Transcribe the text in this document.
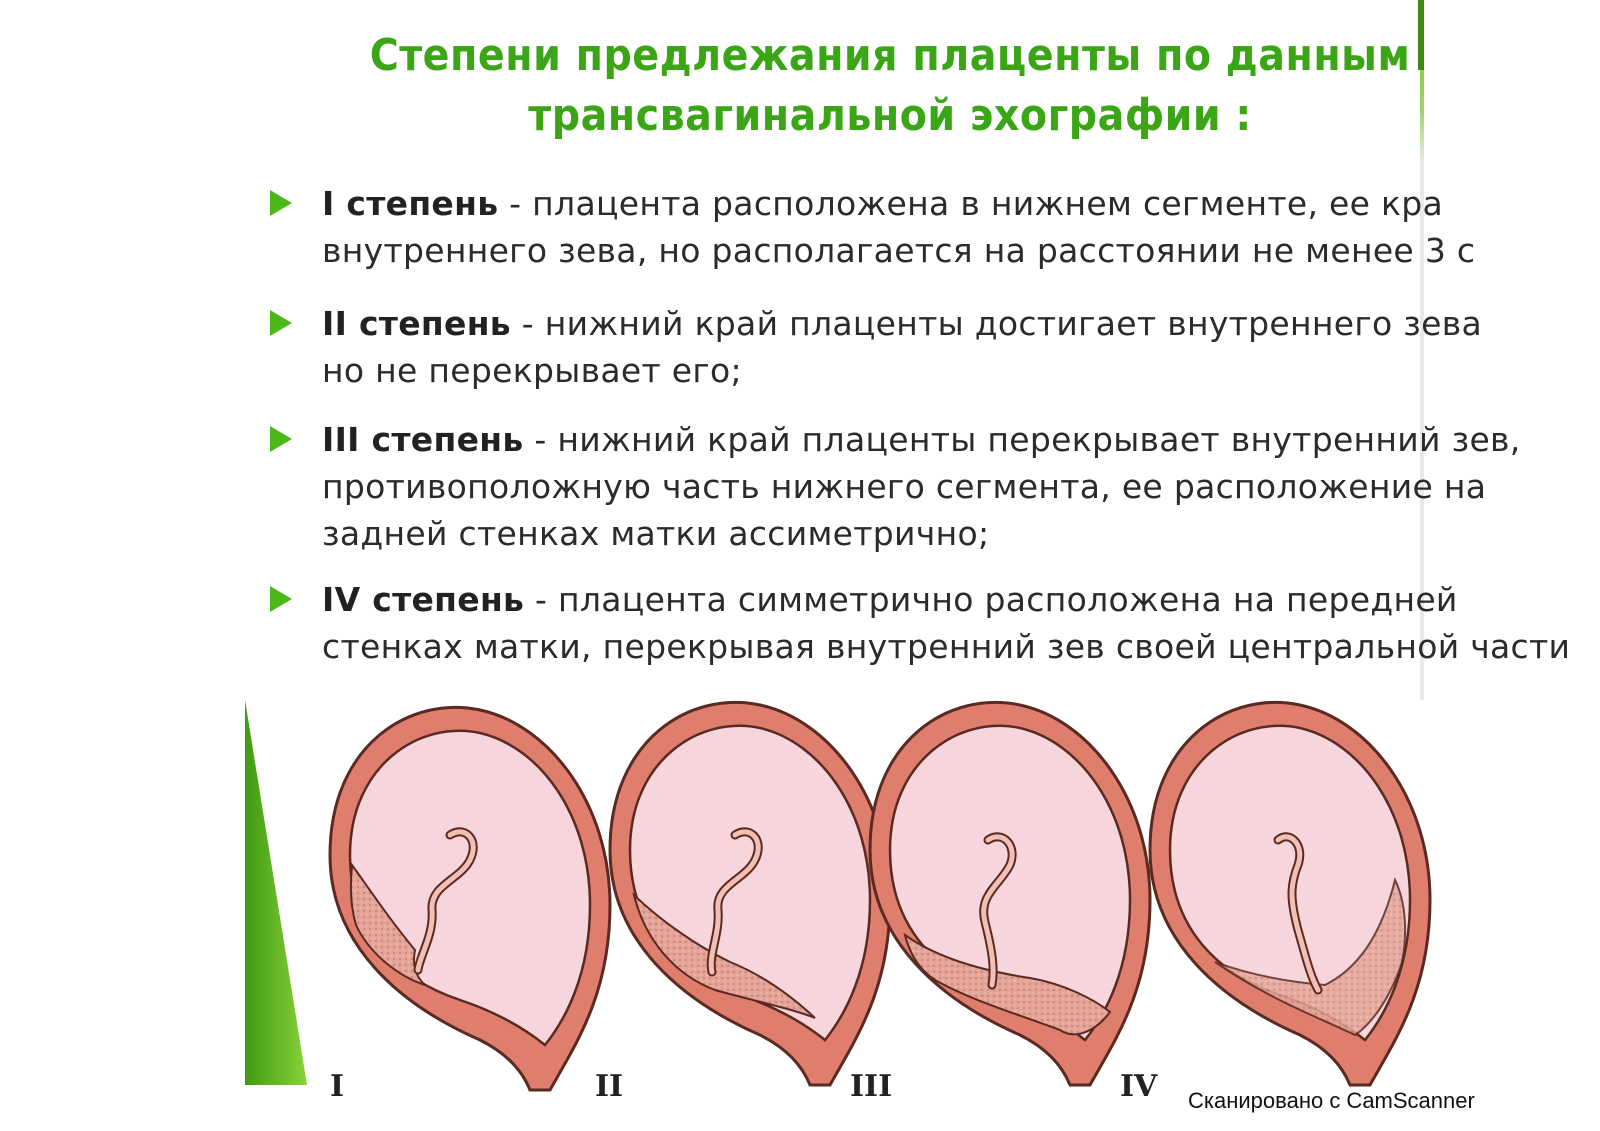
Степени предлежания плаценты по данным
трансвагинальной эхографии :
I степень - плацента расположена в нижнем сегменте, ее кра
внутреннего зева, но располагается на расстоянии не менее 3 с
II степень - нижний край плаценты достигает внутреннего зева
но не перекрывает его;
III степень - нижний край плаценты перекрывает внутренний зев,
противоположную часть нижнего сегмента, ее расположение на
задней стенках матки ассиметрично;
IV степень - плацента симметрично расположена на передней
стенках матки, перекрывая внутренний зев своей центральной части
I	II	III	IV Сканировано с CamScanner
